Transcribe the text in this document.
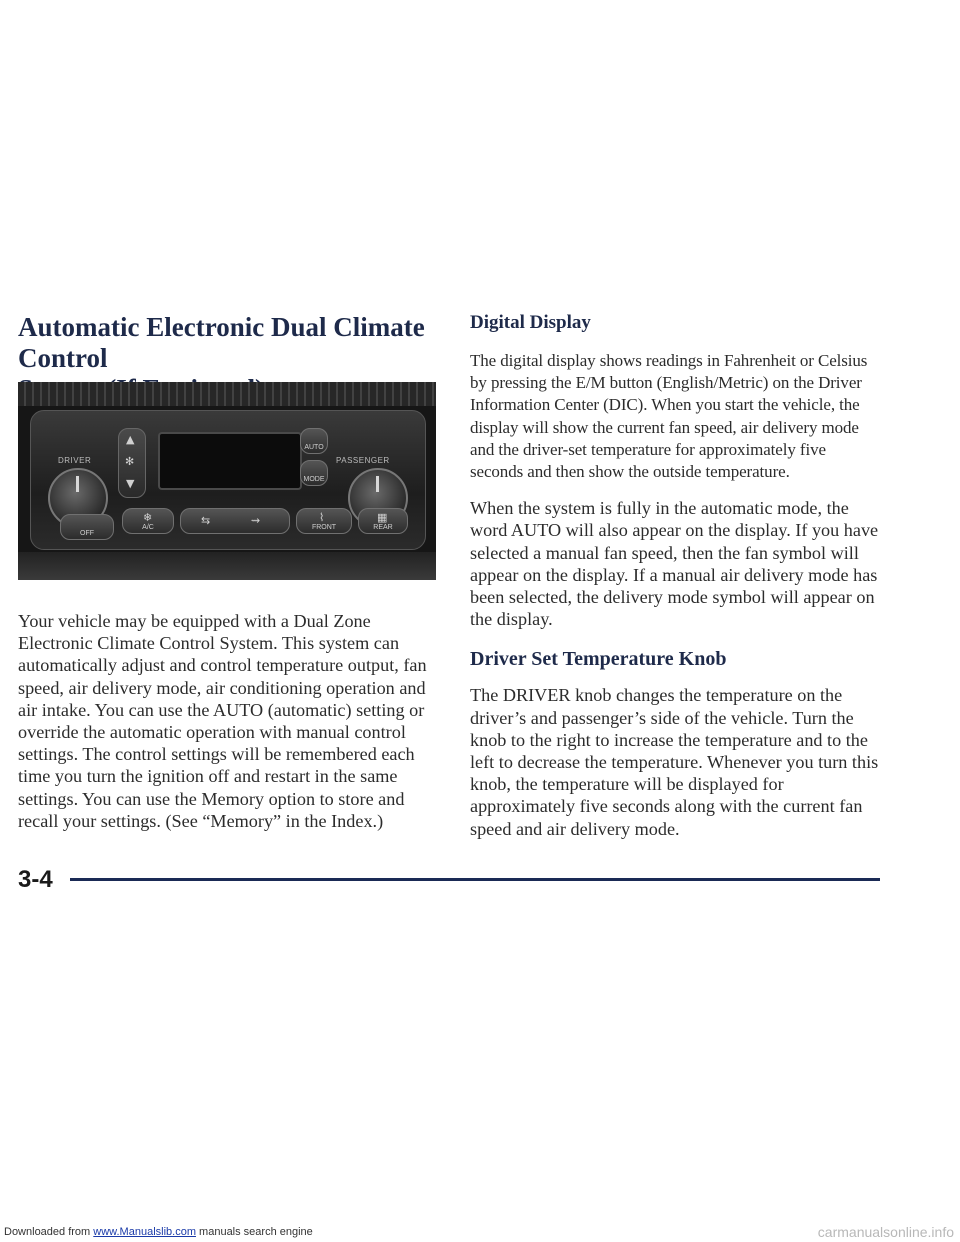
Automatic Electronic Dual Climate Control

DRIVER	PASSENGER
▲
✻
▼
AUTO
MODE
OFF
❄
A/C
⇆	⇝	⌇
FRONT
▦
REAR

Your vehicle may be equipped with a Dual Zone
Electronic Climate Control System. This system can
automatically adjust and control temperature output, fan
speed, air delivery mode, air conditioning operation and
air intake. You can use the AUTO (automatic) setting or
override the automatic operation with manual control
settings. The control settings will be remembered each
time you turn the ignition off and restart in the same
settings. You can use the Memory option to store and
recall your settings. (See “Memory” in the Index.)

Digital Display

The digital display shows readings in Fahrenheit or Celsius
by pressing the E/M button (English/Metric) on the Driver
Information Center (DIC). When you start the vehicle, the
display will show the current fan speed, air delivery mode
and the driver-set temperature for approximately five
seconds and then show the outside temperature.

When the system is fully in the automatic mode, the
word AUTO will also appear on the display. If you have
selected a manual fan speed, then the fan symbol will
appear on the display. If a manual air delivery mode has
been selected, the delivery mode symbol will appear on
the display.

Driver Set Temperature Knob

The DRIVER knob changes the temperature on the
driver’s and passenger’s side of the vehicle. Turn the
knob to the right to increase the temperature and to the
left to decrease the temperature. Whenever you turn this
knob, the temperature will be displayed for
approximately five seconds along with the current fan
speed and air delivery mode.

3-4
Downloaded from www.Manualslib.com manuals search engine	carmanualsonline.info
